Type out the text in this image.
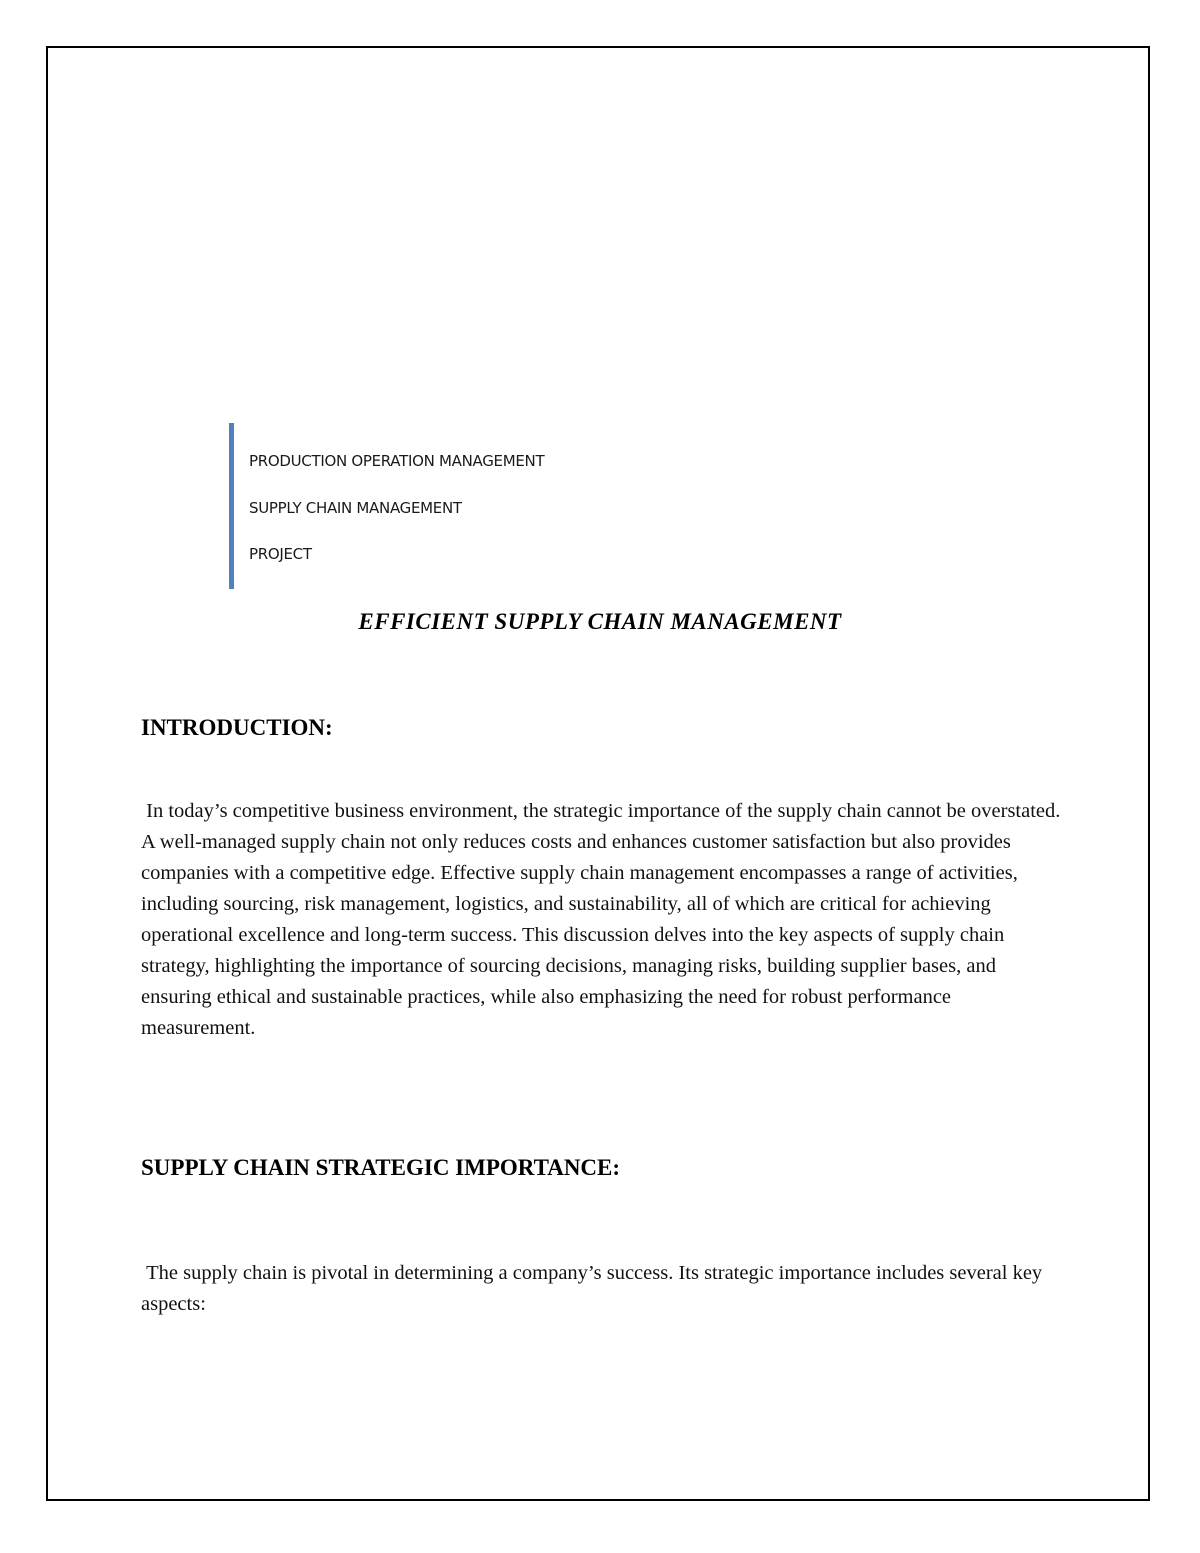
PRODUCTION OPERATION MANAGEMENT
SUPPLY CHAIN MANAGEMENT
PROJECT
EFFICIENT SUPPLY CHAIN MANAGEMENT
INTRODUCTION:
In today’s competitive business environment, the strategic importance of the supply chain cannot be overstated. A well-managed supply chain not only reduces costs and enhances customer satisfaction but also provides companies with a competitive edge. Effective supply chain management encompasses a range of activities, including sourcing, risk management, logistics, and sustainability, all of which are critical for achieving operational excellence and long-term success. This discussion delves into the key aspects of supply chain strategy, highlighting the importance of sourcing decisions, managing risks, building supplier bases, and ensuring ethical and sustainable practices, while also emphasizing the need for robust performance measurement.
SUPPLY CHAIN STRATEGIC IMPORTANCE:
The supply chain is pivotal in determining a company’s success. Its strategic importance includes several key aspects:
